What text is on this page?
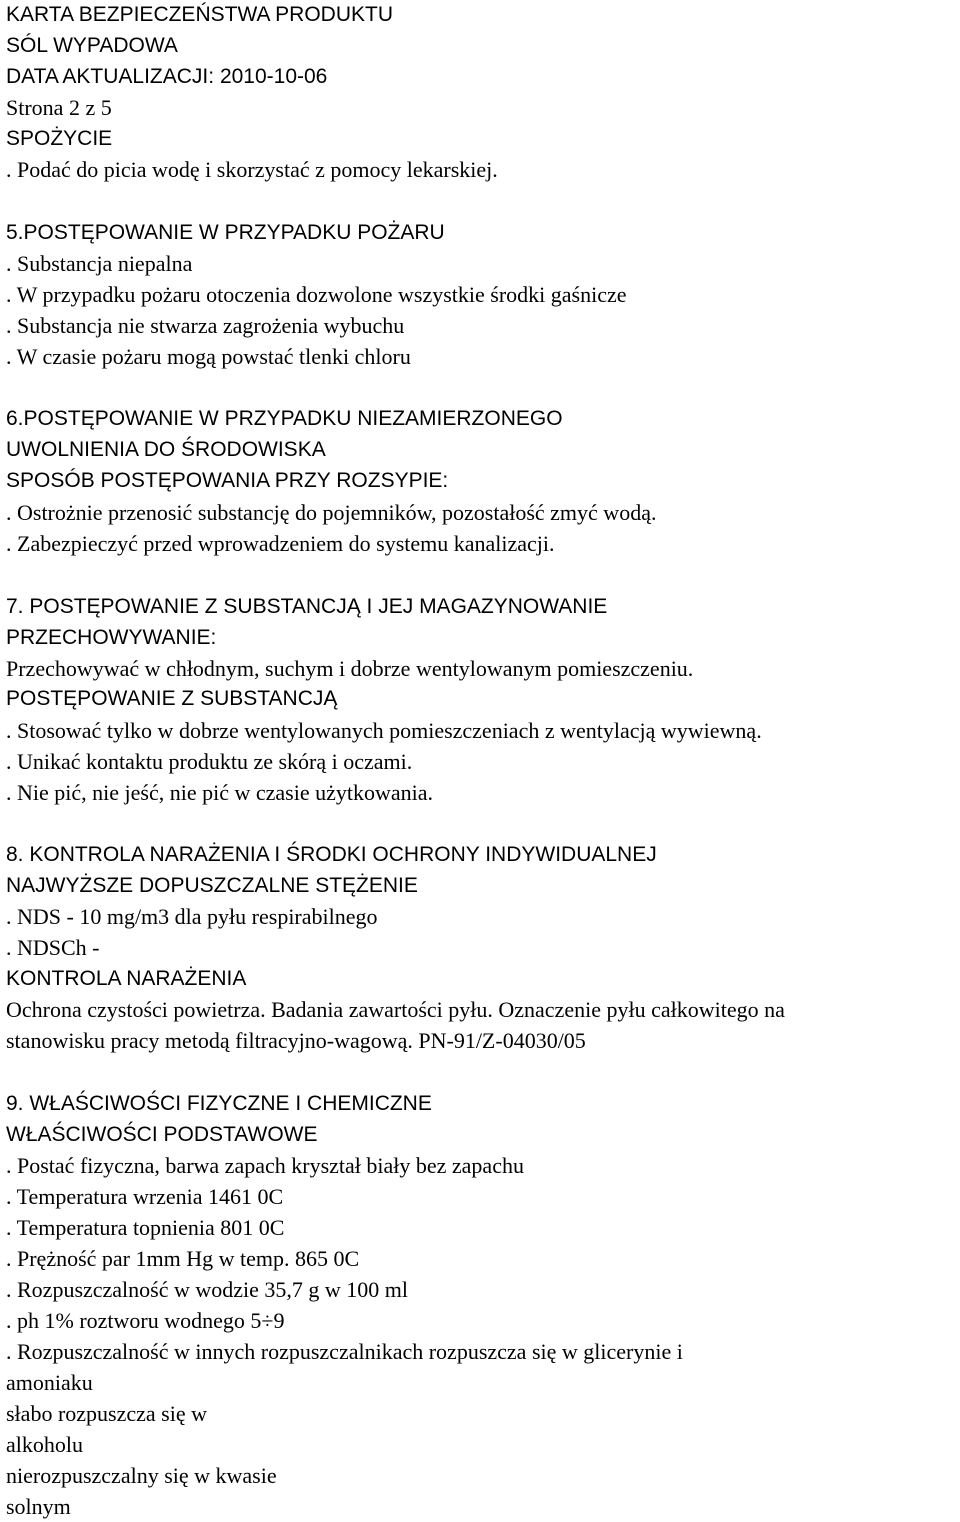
KARTA BEZPIECZEŃSTWA PRODUKTU
SÓL WYPADOWA
DATA AKTUALIZACJI: 2010-10-06
Strona 2 z 5
SPOŻYCIE
. Podać do picia wodę i skorzystać z pomocy lekarskiej.
5.POSTĘPOWANIE W PRZYPADKU POŻARU
. Substancja niepalna
. W przypadku pożaru otoczenia dozwolone wszystkie środki gaśnicze
. Substancja nie stwarza zagrożenia wybuchu
. W czasie pożaru mogą powstać tlenki chloru
6.POSTĘPOWANIE W PRZYPADKU NIEZAMIERZONEGO
UWOLNIENIA DO ŚRODOWISKA
SPOSÓB POSTĘPOWANIA PRZY ROZSYPIE:
. Ostrożnie przenosić substancję do pojemników, pozostałość zmyć wodą.
. Zabezpieczyć przed wprowadzeniem do systemu kanalizacji.
7. POSTĘPOWANIE Z SUBSTANCJĄ I JEJ MAGAZYNOWANIE
PRZECHOWYWANIE:
Przechowywać w chłodnym, suchym i dobrze wentylowanym pomieszczeniu.
POSTĘPOWANIE Z SUBSTANCJĄ
. Stosować tylko w dobrze wentylowanych pomieszczeniach z wentylacją wywiewną.
. Unikać kontaktu produktu ze skórą i oczami.
. Nie pić, nie jeść, nie pić w czasie użytkowania.
8. KONTROLA NARAŻENIA I ŚRODKI OCHRONY INDYWIDUALNEJ
NAJWYŻSZE DOPUSZCZALNE STĘŻENIE
. NDS - 10 mg/m3 dla pyłu respirabilnego
. NDSCh -
KONTROLA NARAŻENIA
Ochrona czystości powietrza. Badania zawartości pyłu. Oznaczenie pyłu całkowitego na
stanowisku pracy metodą filtracyjno-wagową. PN-91/Z-04030/05
9. WŁAŚCIWOŚCI FIZYCZNE I CHEMICZNE
WŁAŚCIWOŚCI PODSTAWOWE
. Postać fizyczna, barwa zapach kryształ biały bez zapachu
. Temperatura wrzenia 1461 0C
. Temperatura topnienia 801 0C
. Prężność par 1mm Hg w temp. 865 0C
. Rozpuszczalność w wodzie 35,7 g w 100 ml
. ph 1% roztworu wodnego 5÷9
. Rozpuszczalność w innych rozpuszczalnikach rozpuszcza się w glicerynie i
amoniaku
słabo rozpuszcza się w
alkoholu
nierozpuszczalny się w kwasie
solnym
